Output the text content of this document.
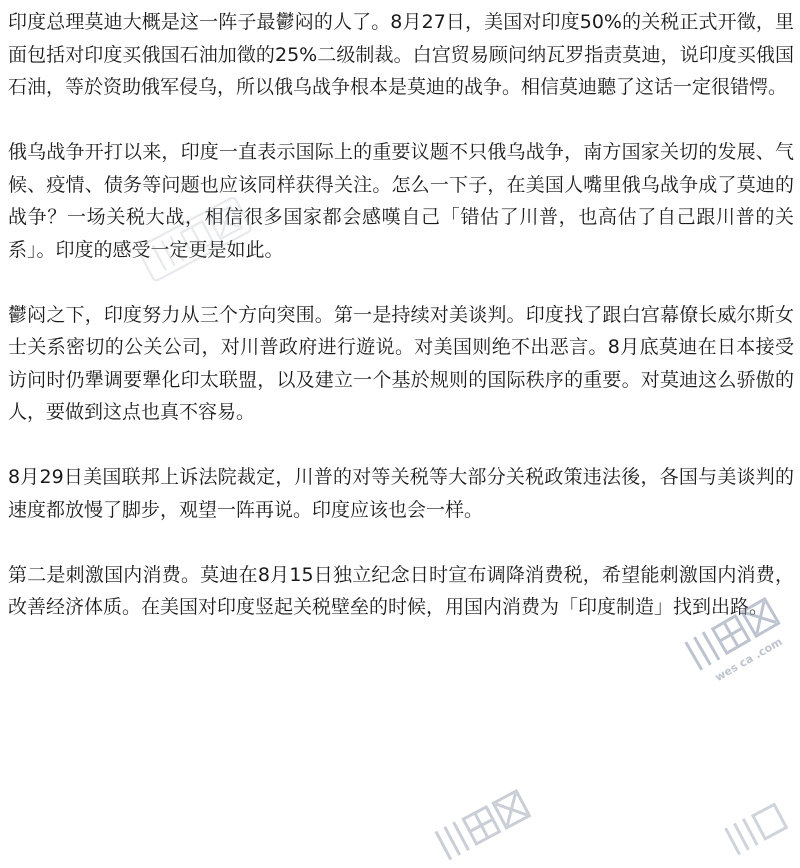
印度总理莫迪大概是这一阵子最鬱闷的人了。8月27日，美国对印度50%的关税正式开徵，里面包括对印度买俄国石油加徵的25%二级制裁。白宫贸易顾问纳瓦罗指责莫迪，说印度买俄国石油，等於资助俄军侵乌，所以俄乌战争根本是莫迪的战争。相信莫迪聽了这话一定很错愕。

俄乌战争开打以来，印度一直表示国际上的重要议题不只俄乌战争，南方国家关切的发展、气候、疫情、债务等问题也应该同样获得关注。怎么一下子，在美国人嘴里俄乌战争成了莫迪的战争？一场关税大战，相信很多国家都会感嘆自己「错估了川普，也高估了自己跟川普的关系」。印度的感受一定更是如此。

鬱闷之下，印度努力从三个方向突围。第一是持续对美谈判。印度找了跟白宫幕僚长威尔斯女士关系密切的公关公司，对川普政府进行遊说。对美国则绝不出恶言。8月底莫迪在日本接受访问时仍犟调要犟化印太联盟，以及建立一个基於规则的国际秩序的重要。对莫迪这么骄傲的人，要做到这点也真不容易。

8月29日美国联邦上诉法院裁定，川普的对等关税等大部分关税政策违法後，各国与美谈判的速度都放慢了脚步，观望一阵再说。印度应该也会一样。

第二是刺激国内消费。莫迪在8月15日独立纪念日时宣布调降消费税，希望能刺激国内消费，改善经济体质。在美国对印度竖起关税壁垒的时候，用国内消费为「印度制造」找到出路。

wes ca .com
